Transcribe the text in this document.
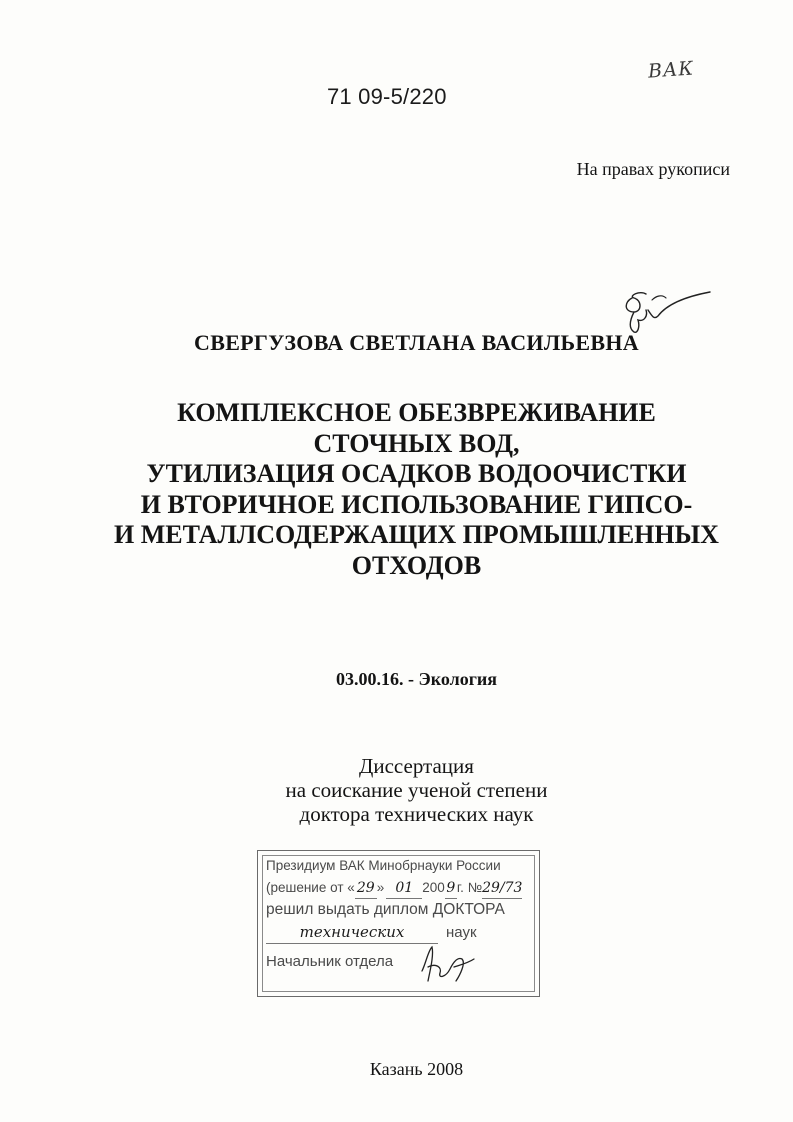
71 09-5/220
ВАК
На правах рукописи
СВЕРГУЗОВА СВЕТЛАНА ВАСИЛЬЕВНА
КОМПЛЕКСНОЕ ОБЕЗВРЕЖИВАНИЕ
СТОЧНЫХ ВОД,
УТИЛИЗАЦИЯ ОСАДКОВ ВОДООЧИСТКИ
И ВТОРИЧНОЕ ИСПОЛЬЗОВАНИЕ ГИПСО-
И МЕТАЛЛСОДЕРЖАЩИХ ПРОМЫШЛЕННЫХ
ОТХОДОВ
03.00.16. - Экология
Диссертация
на соискание ученой степени
доктора технических наук
Президиум ВАК Минобрнауки России
(решение от « 29 » 01 200 9 г. №29/73
решил выдать диплом ДОКТОРА
технических	наук
Начальник отдела
Казань 2008
